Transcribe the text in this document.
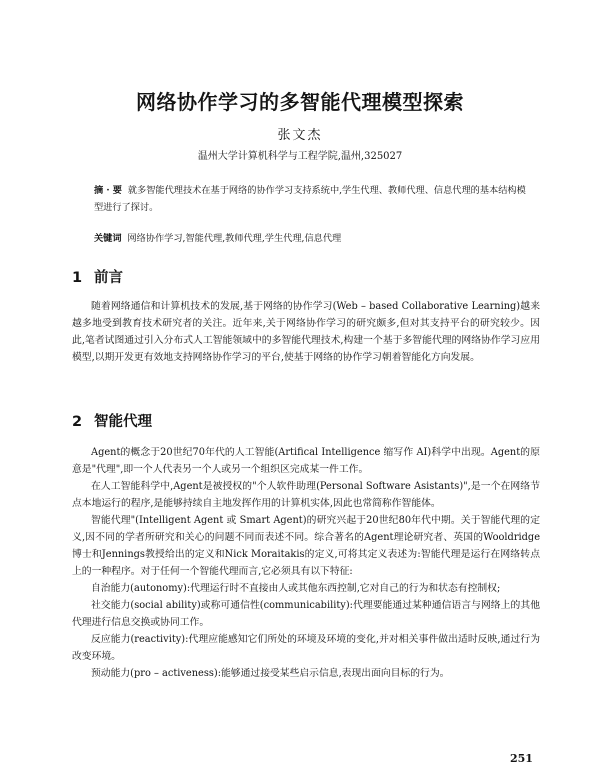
网络协作学习的多智能代理模型探索
张文杰
温州大学计算机科学与工程学院,温州,325027
摘 · 要 就多智能代理技术在基于网络的协作学习支持系统中,学生代理、教师代理、信息代理的基本结构模型进行了探讨。
关键词 网络协作学习,智能代理,教师代理,学生代理,信息代理
1 前言

随着网络通信和计算机技术的发展,基于网络的协作学习(Web – based Collaborative Learning)越来越多地受到教育技术研究者的关注。近年来,关于网络协作学习的研究颇多,但对其支持平台的研究较少。因此,笔者试图通过引入分布式人工智能领域中的多智能代理技术,构建一个基于多智能代理的网络协作学习应用模型,以期开发更有效地支持网络协作学习的平台,使基于网络的协作学习朝着智能化方向发展。

2 智能代理

Agent的概念于20世纪70年代的人工智能(Artifical Intelligence 缩写作 AI)科学中出现。Agent的原意是"代理",即一个人代表另一个人或另一个组织区完成某一件工作。

在人工智能科学中,Agent是被授权的"个人软件助理(Personal Software Asistants)",是一个在网络节点本地运行的程序,是能够持续自主地发挥作用的计算机实体,因此也常简称作智能体。

智能代理"(Intelligent Agent 或 Smart Agent)的研究兴起于20世纪80年代中期。关于智能代理的定义,因不同的学者所研究和关心的问题不同而表述不同。综合著名的Agent理论研究者、英国的Wooldridge博士和Jennings教授给出的定义和Nick Moraitakis的定义,可将其定义表述为:智能代理是运行在网络转点上的一种程序。对于任何一个智能代理而言,它必须具有以下特征:

自治能力(autonomy):代理运行时不直接由人或其他东西控制,它对自己的行为和状态有控制权;

社交能力(social ability)或称可通信性(communicability):代理要能通过某种通信语言与网络上的其他代理进行信息交换或协同工作。

反应能力(reactivity):代理应能感知它们所处的环境及环境的变化,并对相关事件做出适时反映,通过行为改变环境。

预动能力(pro – activeness):能够通过接受某些启示信息,表现出面向目标的行为。

251
